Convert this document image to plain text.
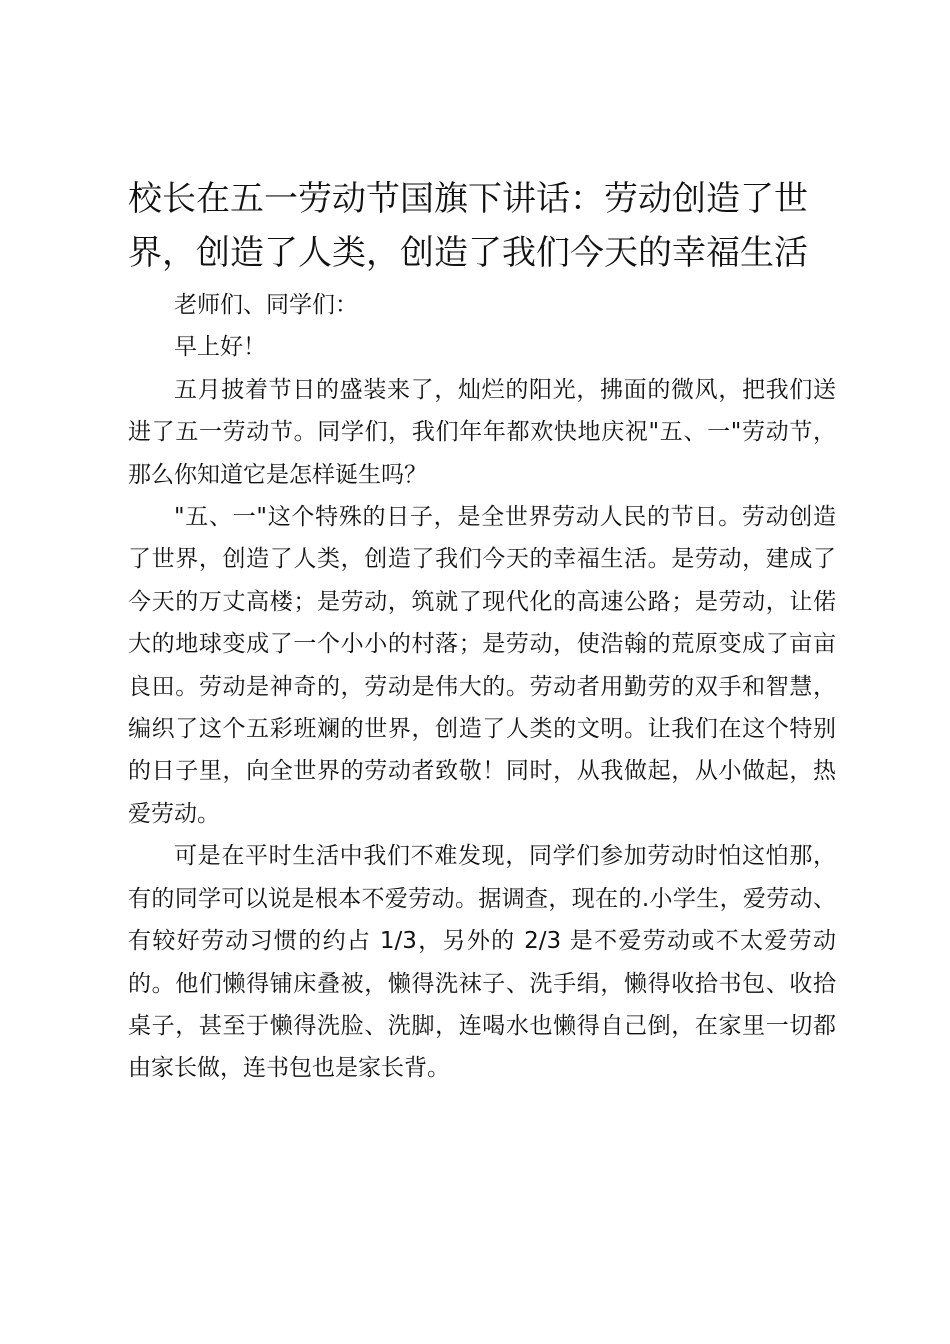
校长在五一劳动节国旗下讲话：劳动创造了世界，创造了人类，创造了我们今天的幸福生活

老师们、同学们：

早上好！

五月披着节日的盛装来了，灿烂的阳光，拂面的微风，把我们送进了五一劳动节。同学们，我们年年都欢快地庆祝"五、一"劳动节，那么你知道它是怎样诞生吗？

"五、一"这个特殊的日子，是全世界劳动人民的节日。劳动创造了世界，创造了人类，创造了我们今天的幸福生活。是劳动，建成了今天的万丈高楼；是劳动，筑就了现代化的高速公路；是劳动，让偌大的地球变成了一个小小的村落；是劳动，使浩翰的荒原变成了亩亩良田。劳动是神奇的，劳动是伟大的。劳动者用勤劳的双手和智慧，编织了这个五彩班斓的世界，创造了人类的文明。让我们在这个特别的日子里，向全世界的劳动者致敬！同时，从我做起，从小做起，热爱劳动。

可是在平时生活中我们不难发现，同学们参加劳动时怕这怕那，有的同学可以说是根本不爱劳动。据调查，现在的.小学生，爱劳动、有较好劳动习惯的约占 1/3，另外的 2/3 是不爱劳动或不太爱劳动的。他们懒得铺床叠被，懒得洗袜子、洗手绢，懒得收拾书包、收拾桌子，甚至于懒得洗脸、洗脚，连喝水也懒得自己倒，在家里一切都由家长做，连书包也是家长背。
